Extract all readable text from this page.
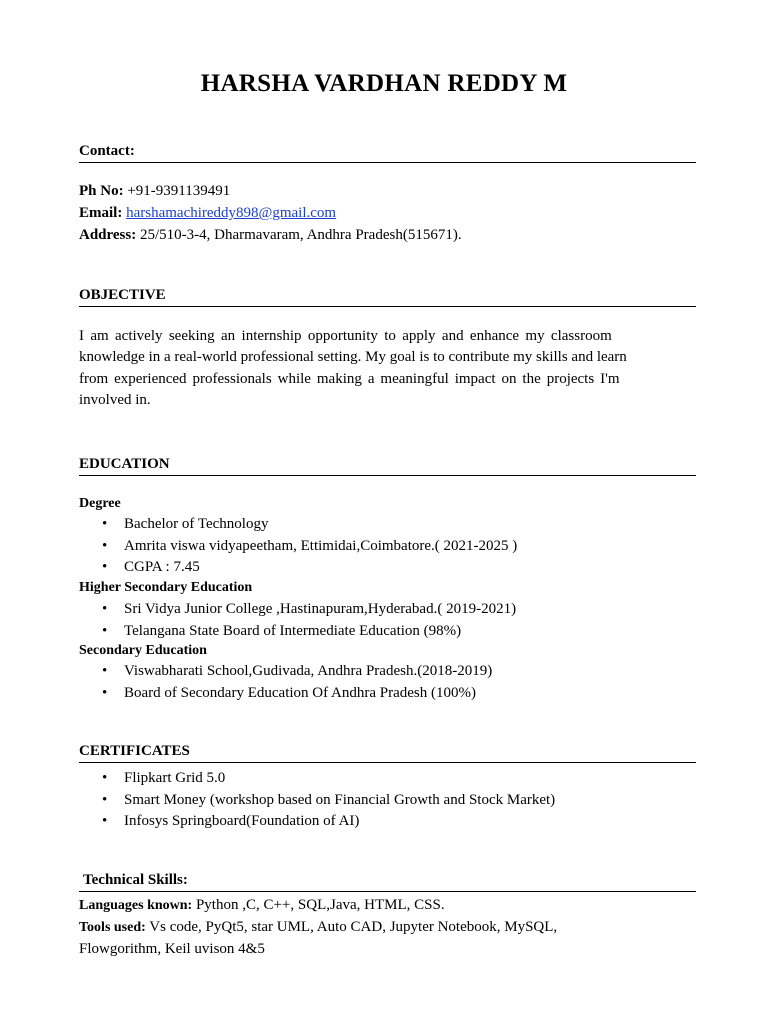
HARSHA VARDHAN REDDY M
Contact:
Ph No: +91-9391139491
Email: harshamachireddy898@gmail.com
Address: 25/510-3-4, Dharmavaram, Andhra Pradesh(515671).
OBJECTIVE
I am actively seeking an internship opportunity to apply and enhance my classroom
knowledge in a real-world professional setting. My goal is to contribute my skills and learn
from experienced professionals while making a meaningful impact on the projects I'm
involved in.
EDUCATION
Degree
• Bachelor of Technology
• Amrita viswa vidyapeetham, Ettimidai,Coimbatore.( 2021-2025 )
• CGPA : 7.45
Higher Secondary Education
• Sri Vidya Junior College ,Hastinapuram,Hyderabad.( 2019-2021)
• Telangana State Board of Intermediate Education (98%)
Secondary Education
• Viswabharati School,Gudivada, Andhra Pradesh.(2018-2019)
• Board of Secondary Education Of Andhra Pradesh (100%)
CERTIFICATES
• Flipkart Grid 5.0
• Smart Money (workshop based on Financial Growth and Stock Market)
• Infosys Springboard(Foundation of AI)
Technical Skills:
Languages known: Python ,C, C++, SQL,Java, HTML, CSS.
Tools used: Vs code, PyQt5, star UML, Auto CAD, Jupyter Notebook, MySQL,
Flowgorithm, Keil uvison 4&5
